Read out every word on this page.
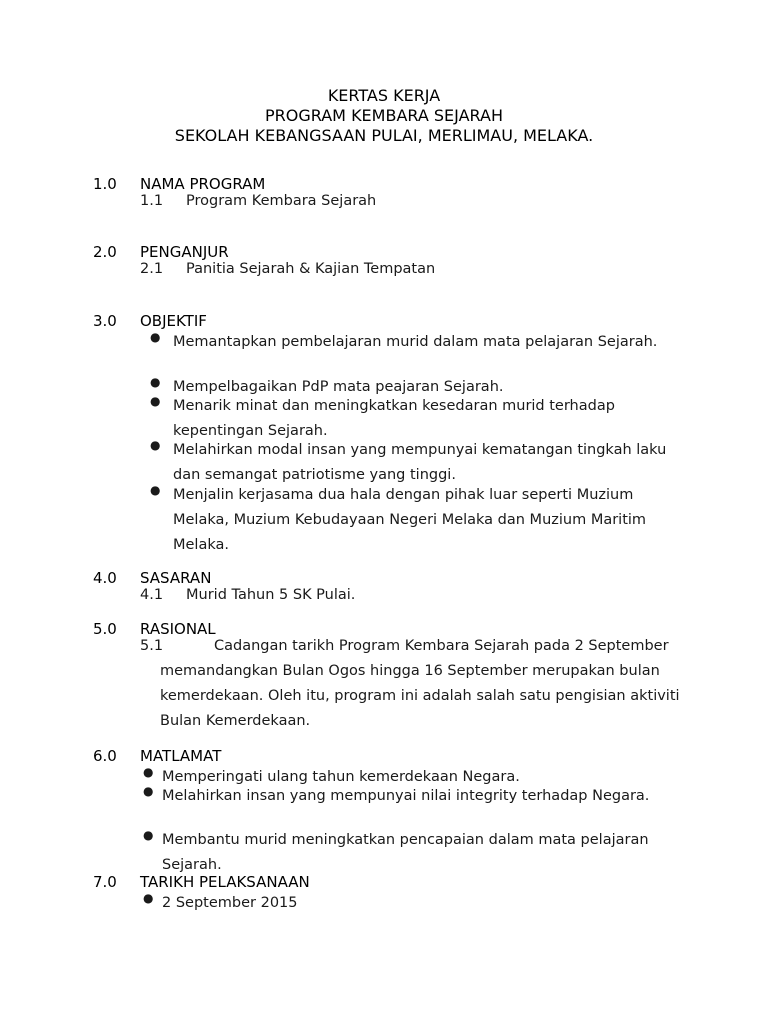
KERTAS KERJA
PROGRAM KEMBARA SEJARAH
SEKOLAH KEBANGSAAN PULAI, MERLIMAU, MELAKA.
1.0 NAMA PROGRAM
1.1 Program Kembara Sejarah
2.0 PENGANJUR
2.1 Panitia Sejarah & Kajian Tempatan
3.0 OBJEKTIF
● Memantapkan pembelajaran murid dalam mata pelajaran Sejarah.
● Mempelbagaikan PdP mata peajaran Sejarah.
● Menarik minat dan meningkatkan kesedaran murid terhadap kepentingan Sejarah.
● Melahirkan modal insan yang mempunyai kematangan tingkah laku dan semangat patriotisme yang tinggi.
● Menjalin kerjasama dua hala dengan pihak luar seperti Muzium Melaka, Muzium Kebudayaan Negeri Melaka dan Muzium Maritim Melaka.
4.0 SASARAN
4.1 Murid Tahun 5 SK Pulai.
5.0 RASIONAL
5.1	Cadangan tarikh Program Kembara Sejarah pada 2 September memandangkan Bulan Ogos hingga 16 September merupakan bulan kemerdekaan. Oleh itu, program ini adalah salah satu pengisian aktiviti Bulan Kemerdekaan.
6.0 MATLAMAT
● Memperingati ulang tahun kemerdekaan Negara.
● Melahirkan insan yang mempunyai nilai integrity terhadap Negara.
● Membantu murid meningkatkan pencapaian dalam mata pelajaran Sejarah.
7.0 TARIKH PELAKSANAAN
● 2 September 2015
